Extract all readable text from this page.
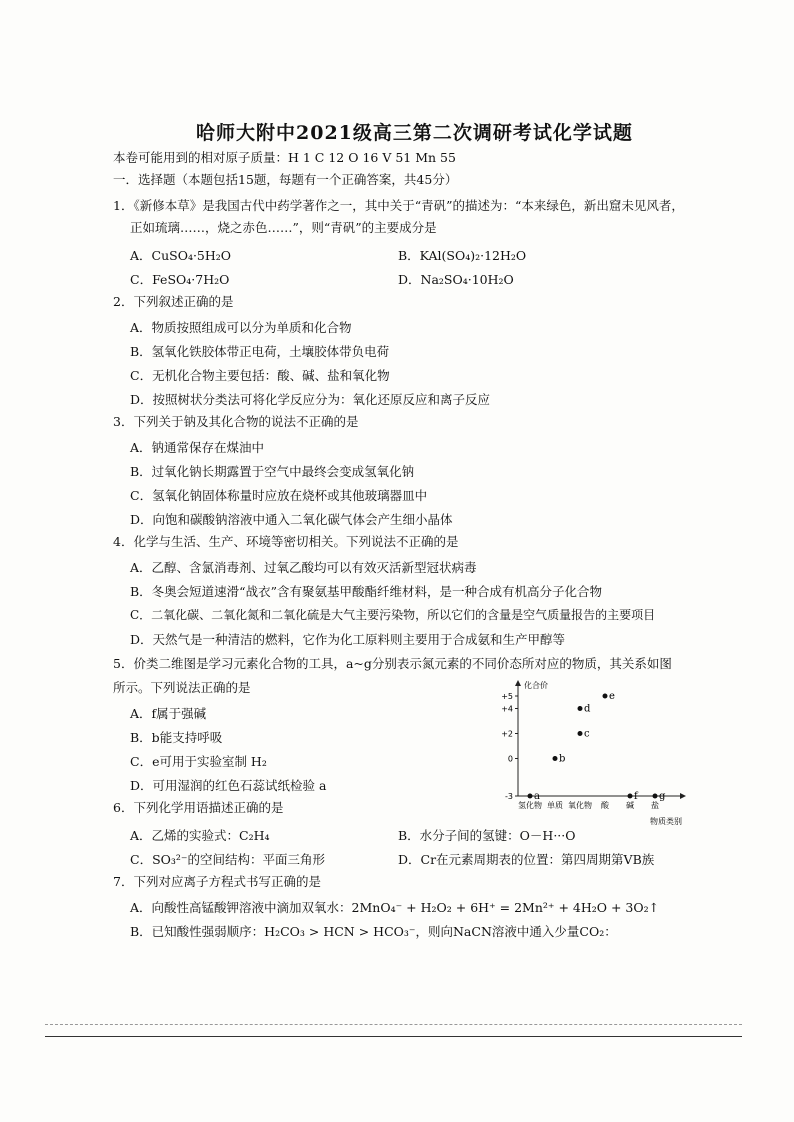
哈师大附中2021级高三第二次调研考试化学试题
本卷可能用到的相对原子质量：H 1 C 12 O 16 V 51 Mn 55
一．选择题（本题包括15题，每题有一个正确答案，共45分）
1．《新修本草》是我国古代中药学著作之一，其中关于“青矾”的描述为：“本来绿色，新出窟未见风者，
正如琉璃……，烧之赤色……”，则“青矾”的主要成分是
A．CuSO₄·5H₂O	B．KAl(SO₄)₂·12H₂O
C．FeSO₄·7H₂O	D．Na₂SO₄·10H₂O
2．下列叙述正确的是
A．物质按照组成可以分为单质和化合物
B．氢氧化铁胶体带正电荷，土壤胶体带负电荷
C．无机化合物主要包括：酸、碱、盐和氧化物
D．按照树状分类法可将化学反应分为：氧化还原反应和离子反应
3．下列关于钠及其化合物的说法不正确的是
A．钠通常保存在煤油中
B．过氧化钠长期露置于空气中最终会变成氢氧化钠
C．氢氧化钠固体称量时应放在烧杯或其他玻璃器皿中
D．向饱和碳酸钠溶液中通入二氧化碳气体会产生细小晶体
4．化学与生活、生产、环境等密切相关。下列说法不正确的是
A．乙醇、含氯消毒剂、过氧乙酸均可以有效灭活新型冠状病毒
B．冬奥会短道速滑“战衣”含有聚氨基甲酸酯纤维材料，是一种合成有机高分子化合物
C．二氧化碳、二氧化氮和二氧化硫是大气主要污染物，所以它们的含量是空气质量报告的主要项目
D．天然气是一种清洁的燃料，它作为化工原料则主要用于合成氨和生产甲醇等
5．价类二维图是学习元素化合物的工具，a~g分别表示氮元素的不同价态所对应的物质，其关系如图
所示。下列说法正确的是
A．f属于强碱
B．b能支持呼吸
C．e可用于实验室制 H₂
D．可用湿润的红色石蕊试纸检验 a
化合价
物质类别
氢化物 单质 氧化物 酸 碱 盐
+5
+4
+2
0
-3 a
b
c
d
e
f g
6．下列化学用语描述正确的是
A．乙烯的实验式：C₂H₄	B．水分子间的氢键：O－H···O
C．SO₃²⁻的空间结构：平面三角形	D．Cr在元素周期表的位置：第四周期第ⅤB族
7．下列对应离子方程式书写正确的是
A．向酸性高锰酸钾溶液中滴加双氧水：2MnO₄⁻ + H₂O₂ + 6H⁺ = 2Mn²⁺ + 4H₂O + 3O₂↑
B．已知酸性强弱顺序：H₂CO₃ > HCN > HCO₃⁻，则向NaCN溶液中通入少量CO₂：
